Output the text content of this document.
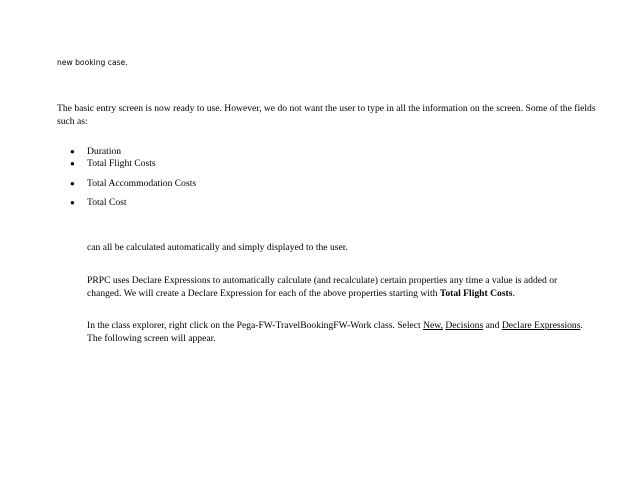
new booking case.
The basic entry screen is now ready to use. However, we do not want the user to type in all the information on the screen. Some of the fields such as:
● Duration
● Total Flight Costs
● Total Accommodation Costs
● Total Cost
can all be calculated automatically and simply displayed to the user.
PRPC uses Declare Expressions to automatically calculate (and recalculate) certain properties any time a value is added or changed. We will create a Declare Expression for each of the above properties starting with Total Flight Costs.
In the class explorer, right click on the Pega-FW-TravelBookingFW-Work class. Select New, Decisions and Declare Expressions. The following screen will appear.
